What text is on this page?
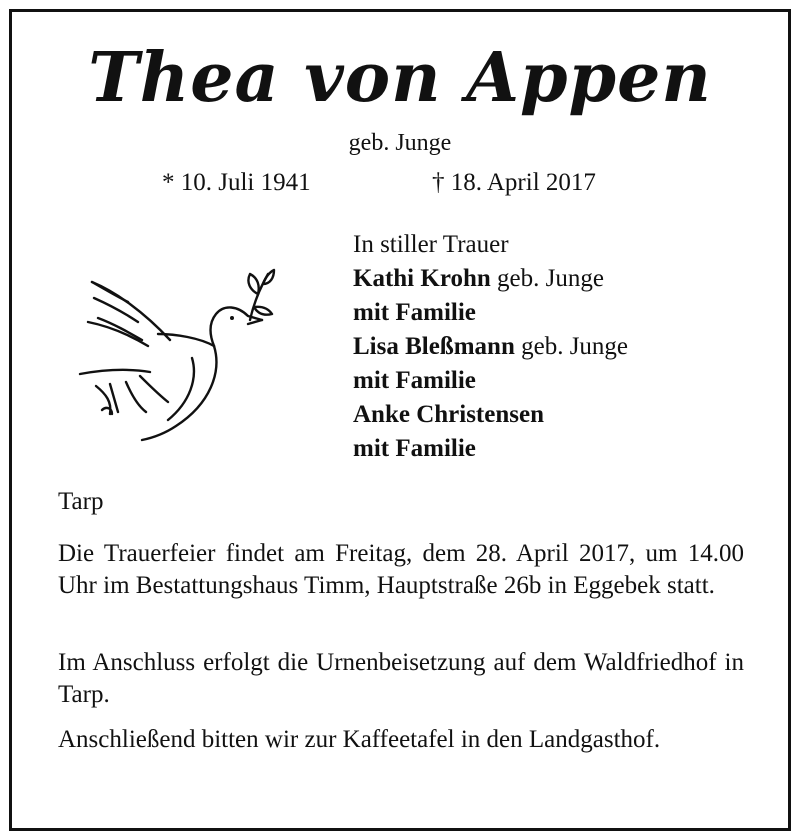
Thea von Appen
geb. Junge
* 10. Juli 1941	† 18. April 2017
In stiller Trauer
Kathi Krohn geb. Junge
mit Familie
Lisa Bleßmann geb. Junge
mit Familie
Anke Christensen
mit Familie
Tarp
Die Trauerfeier findet am Freitag, dem 28. April 2017, um 14.00 Uhr im Bestattungshaus Timm, Hauptstraße 26b in Eggebek statt.
Im Anschluss erfolgt die Urnenbeisetzung auf dem Waldfriedhof in Tarp.
Anschließend bitten wir zur Kaffeetafel in den Landgasthof.
